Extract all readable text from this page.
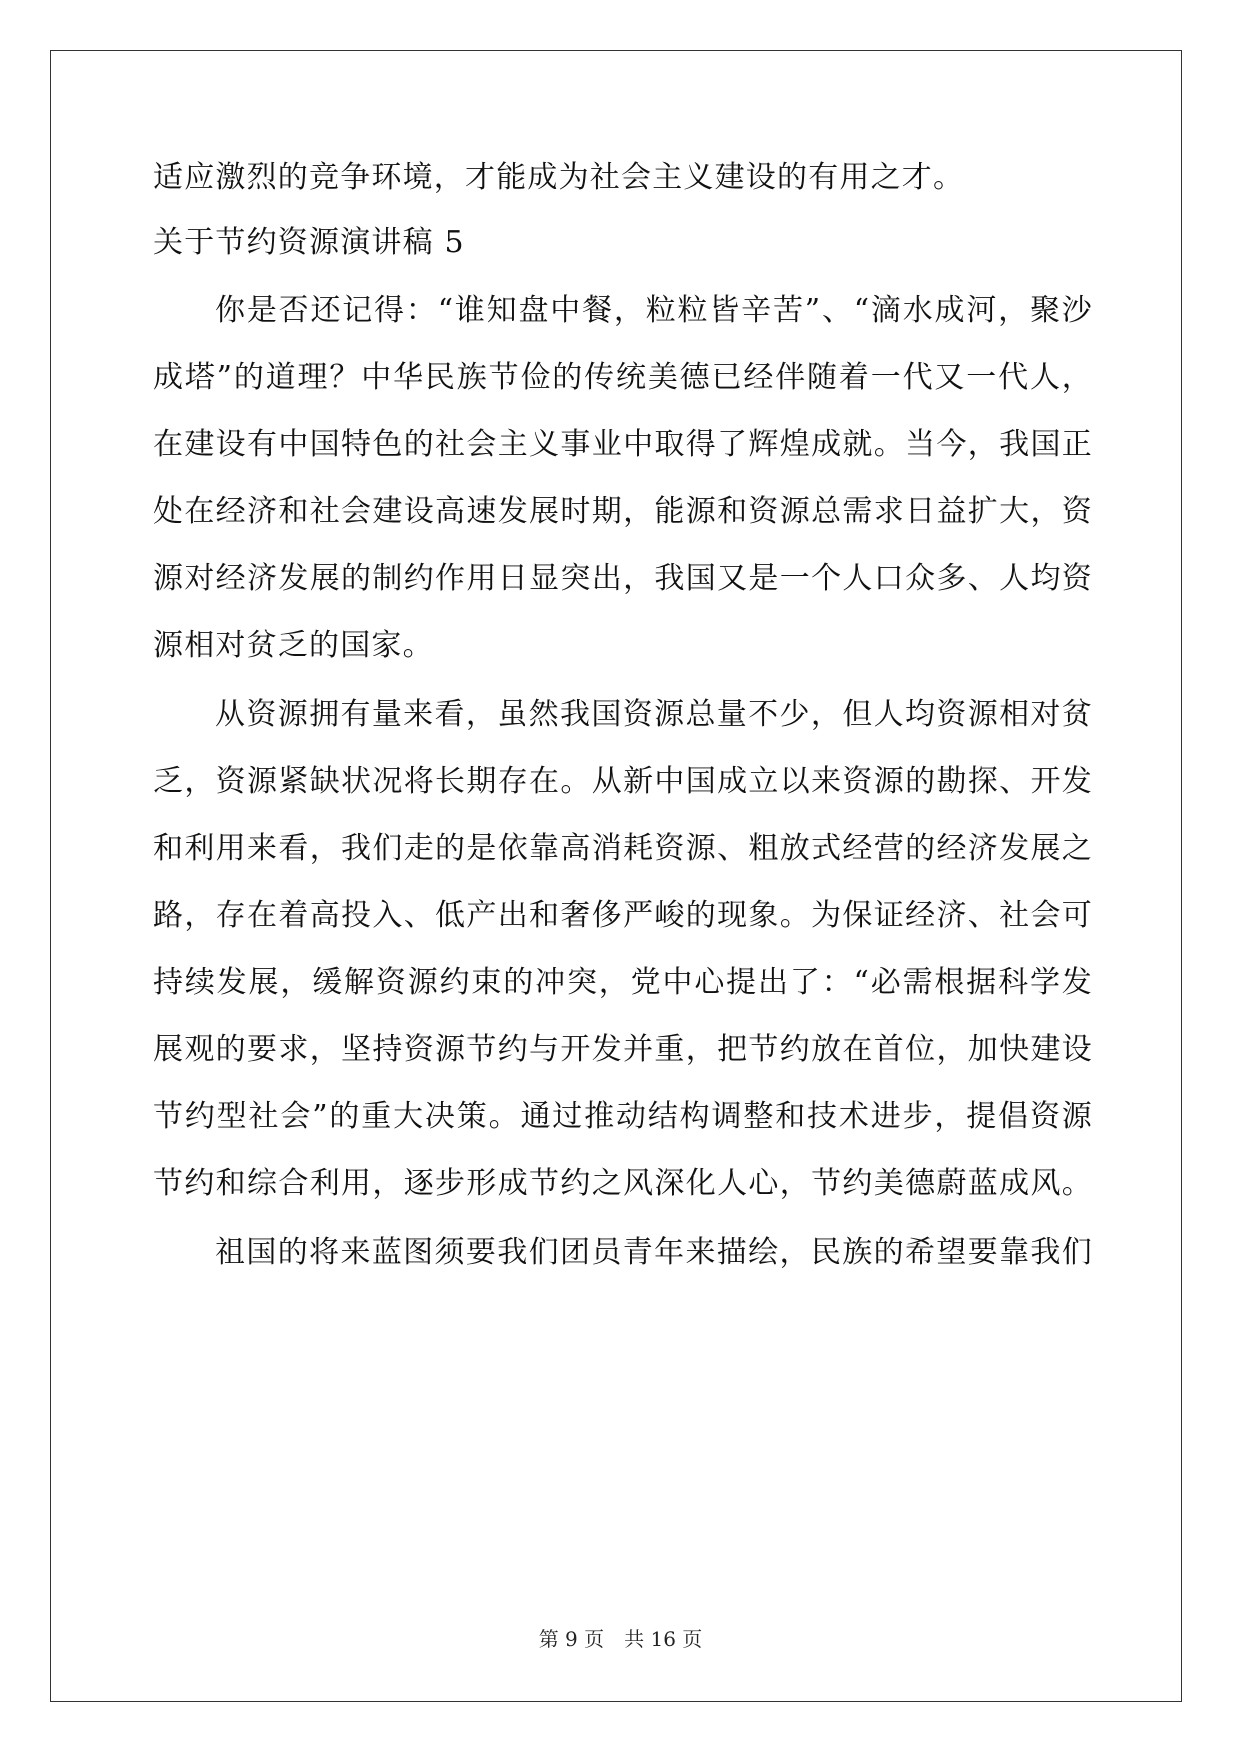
适应激烈的竞争环境，才能成为社会主义建设的有用之才。
关于节约资源演讲稿 5
你是否还记得：“谁知盘中餐，粒粒皆辛苦”、“滴水成河，聚沙
成塔”的道理？中华民族节俭的传统美德已经伴随着一代又一代人，
在建设有中国特色的社会主义事业中取得了辉煌成就。当今，我国正
处在经济和社会建设高速发展时期，能源和资源总需求日益扩大，资
源对经济发展的制约作用日显突出，我国又是一个人口众多、人均资
源相对贫乏的国家。
从资源拥有量来看，虽然我国资源总量不少，但人均资源相对贫
乏，资源紧缺状况将长期存在。从新中国成立以来资源的勘探、开发
和利用来看，我们走的是依靠高消耗资源、粗放式经营的经济发展之
路，存在着高投入、低产出和奢侈严峻的现象。为保证经济、社会可
持续发展，缓解资源约束的冲突，党中心提出了：“必需根据科学发
展观的要求，坚持资源节约与开发并重，把节约放在首位，加快建设
节约型社会”的重大决策。通过推动结构调整和技术进步，提倡资源
节约和综合利用，逐步形成节约之风深化人心，节约美德蔚蓝成风。
祖国的将来蓝图须要我们团员青年来描绘，民族的希望要靠我们
第 9 页 共 16 页
